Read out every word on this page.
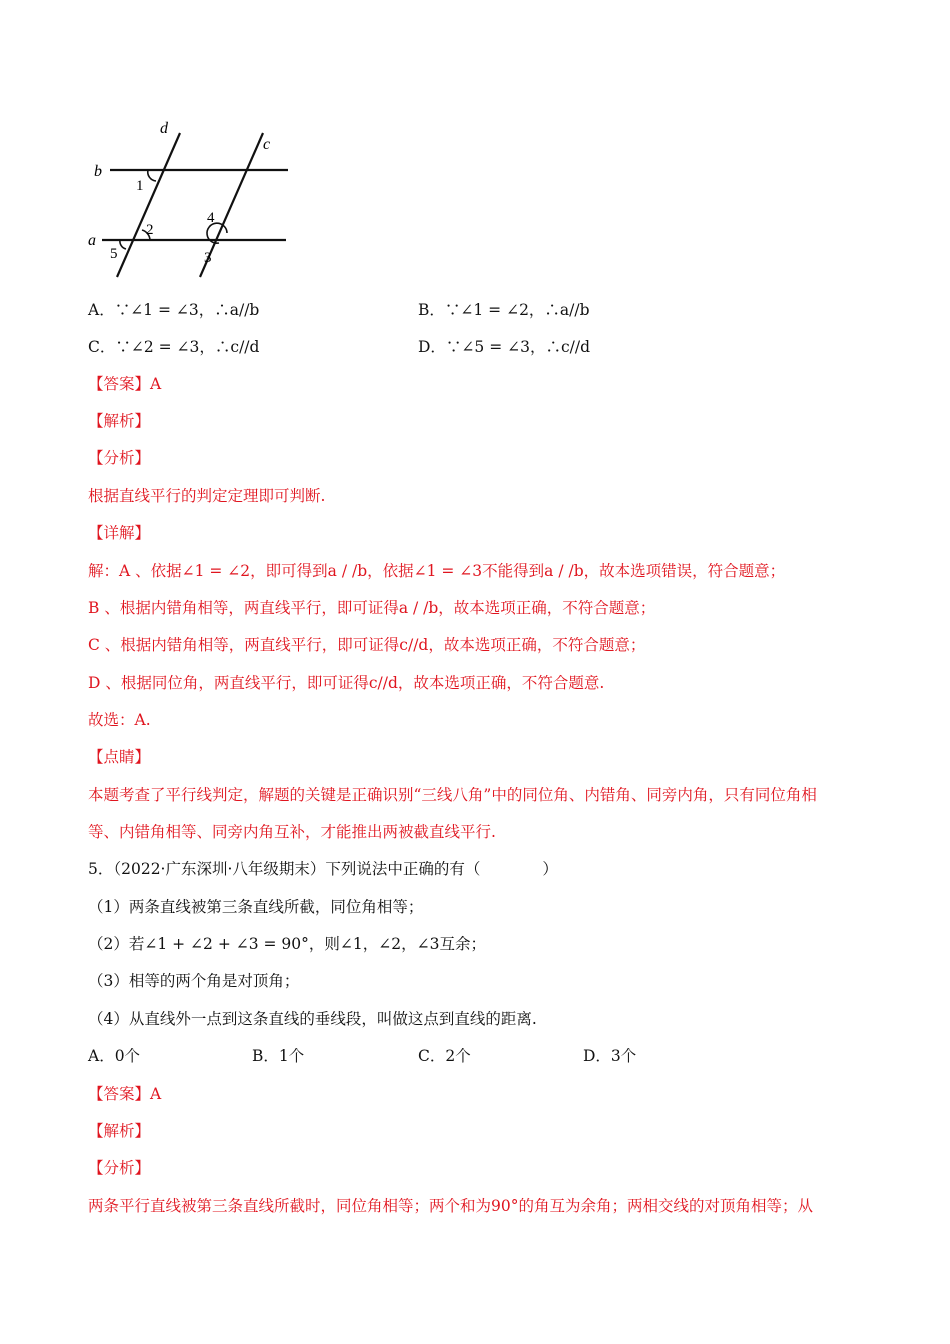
d
c
b
a
1
2
4
3
5
A．∵∠1 = ∠3，∴a//b	B．∵∠1 = ∠2，∴a//b
C．∵∠2 = ∠3，∴c//d	D．∵∠5 = ∠3，∴c//d
【答案】A
【解析】
【分析】
根据直线平行的判定定理即可判断.
【详解】
解：A 、依据∠1 = ∠2，即可得到a / /b，依据∠1 = ∠3不能得到a / /b，故本选项错误，符合题意；
B 、根据内错角相等，两直线平行，即可证得a / /b，故本选项正确，不符合题意；
C 、根据内错角相等，两直线平行，即可证得c//d，故本选项正确，不符合题意；
D 、根据同位角，两直线平行，即可证得c//d，故本选项正确，不符合题意.
故选：A.
【点睛】
本题考查了平行线判定，解题的关键是正确识别“三线八角”中的同位角、内错角、同旁内角，只有同位角相
等、内错角相等、同旁内角互补，才能推出两被截直线平行.
5．（2022·广东深圳·八年级期末）下列说法中正确的有（　　　　）
（1）两条直线被第三条直线所截，同位角相等；
（2）若∠1 + ∠2 + ∠3 = 90°，则∠1，∠2，∠3互余；
（3）相等的两个角是对顶角；
（4）从直线外一点到这条直线的垂线段，叫做这点到直线的距离.
A．0个	B．1个	C．2个	D．3个
【答案】A
【解析】
【分析】
两条平行直线被第三条直线所截时，同位角相等；两个和为90°的角互为余角；两相交线的对顶角相等；从
